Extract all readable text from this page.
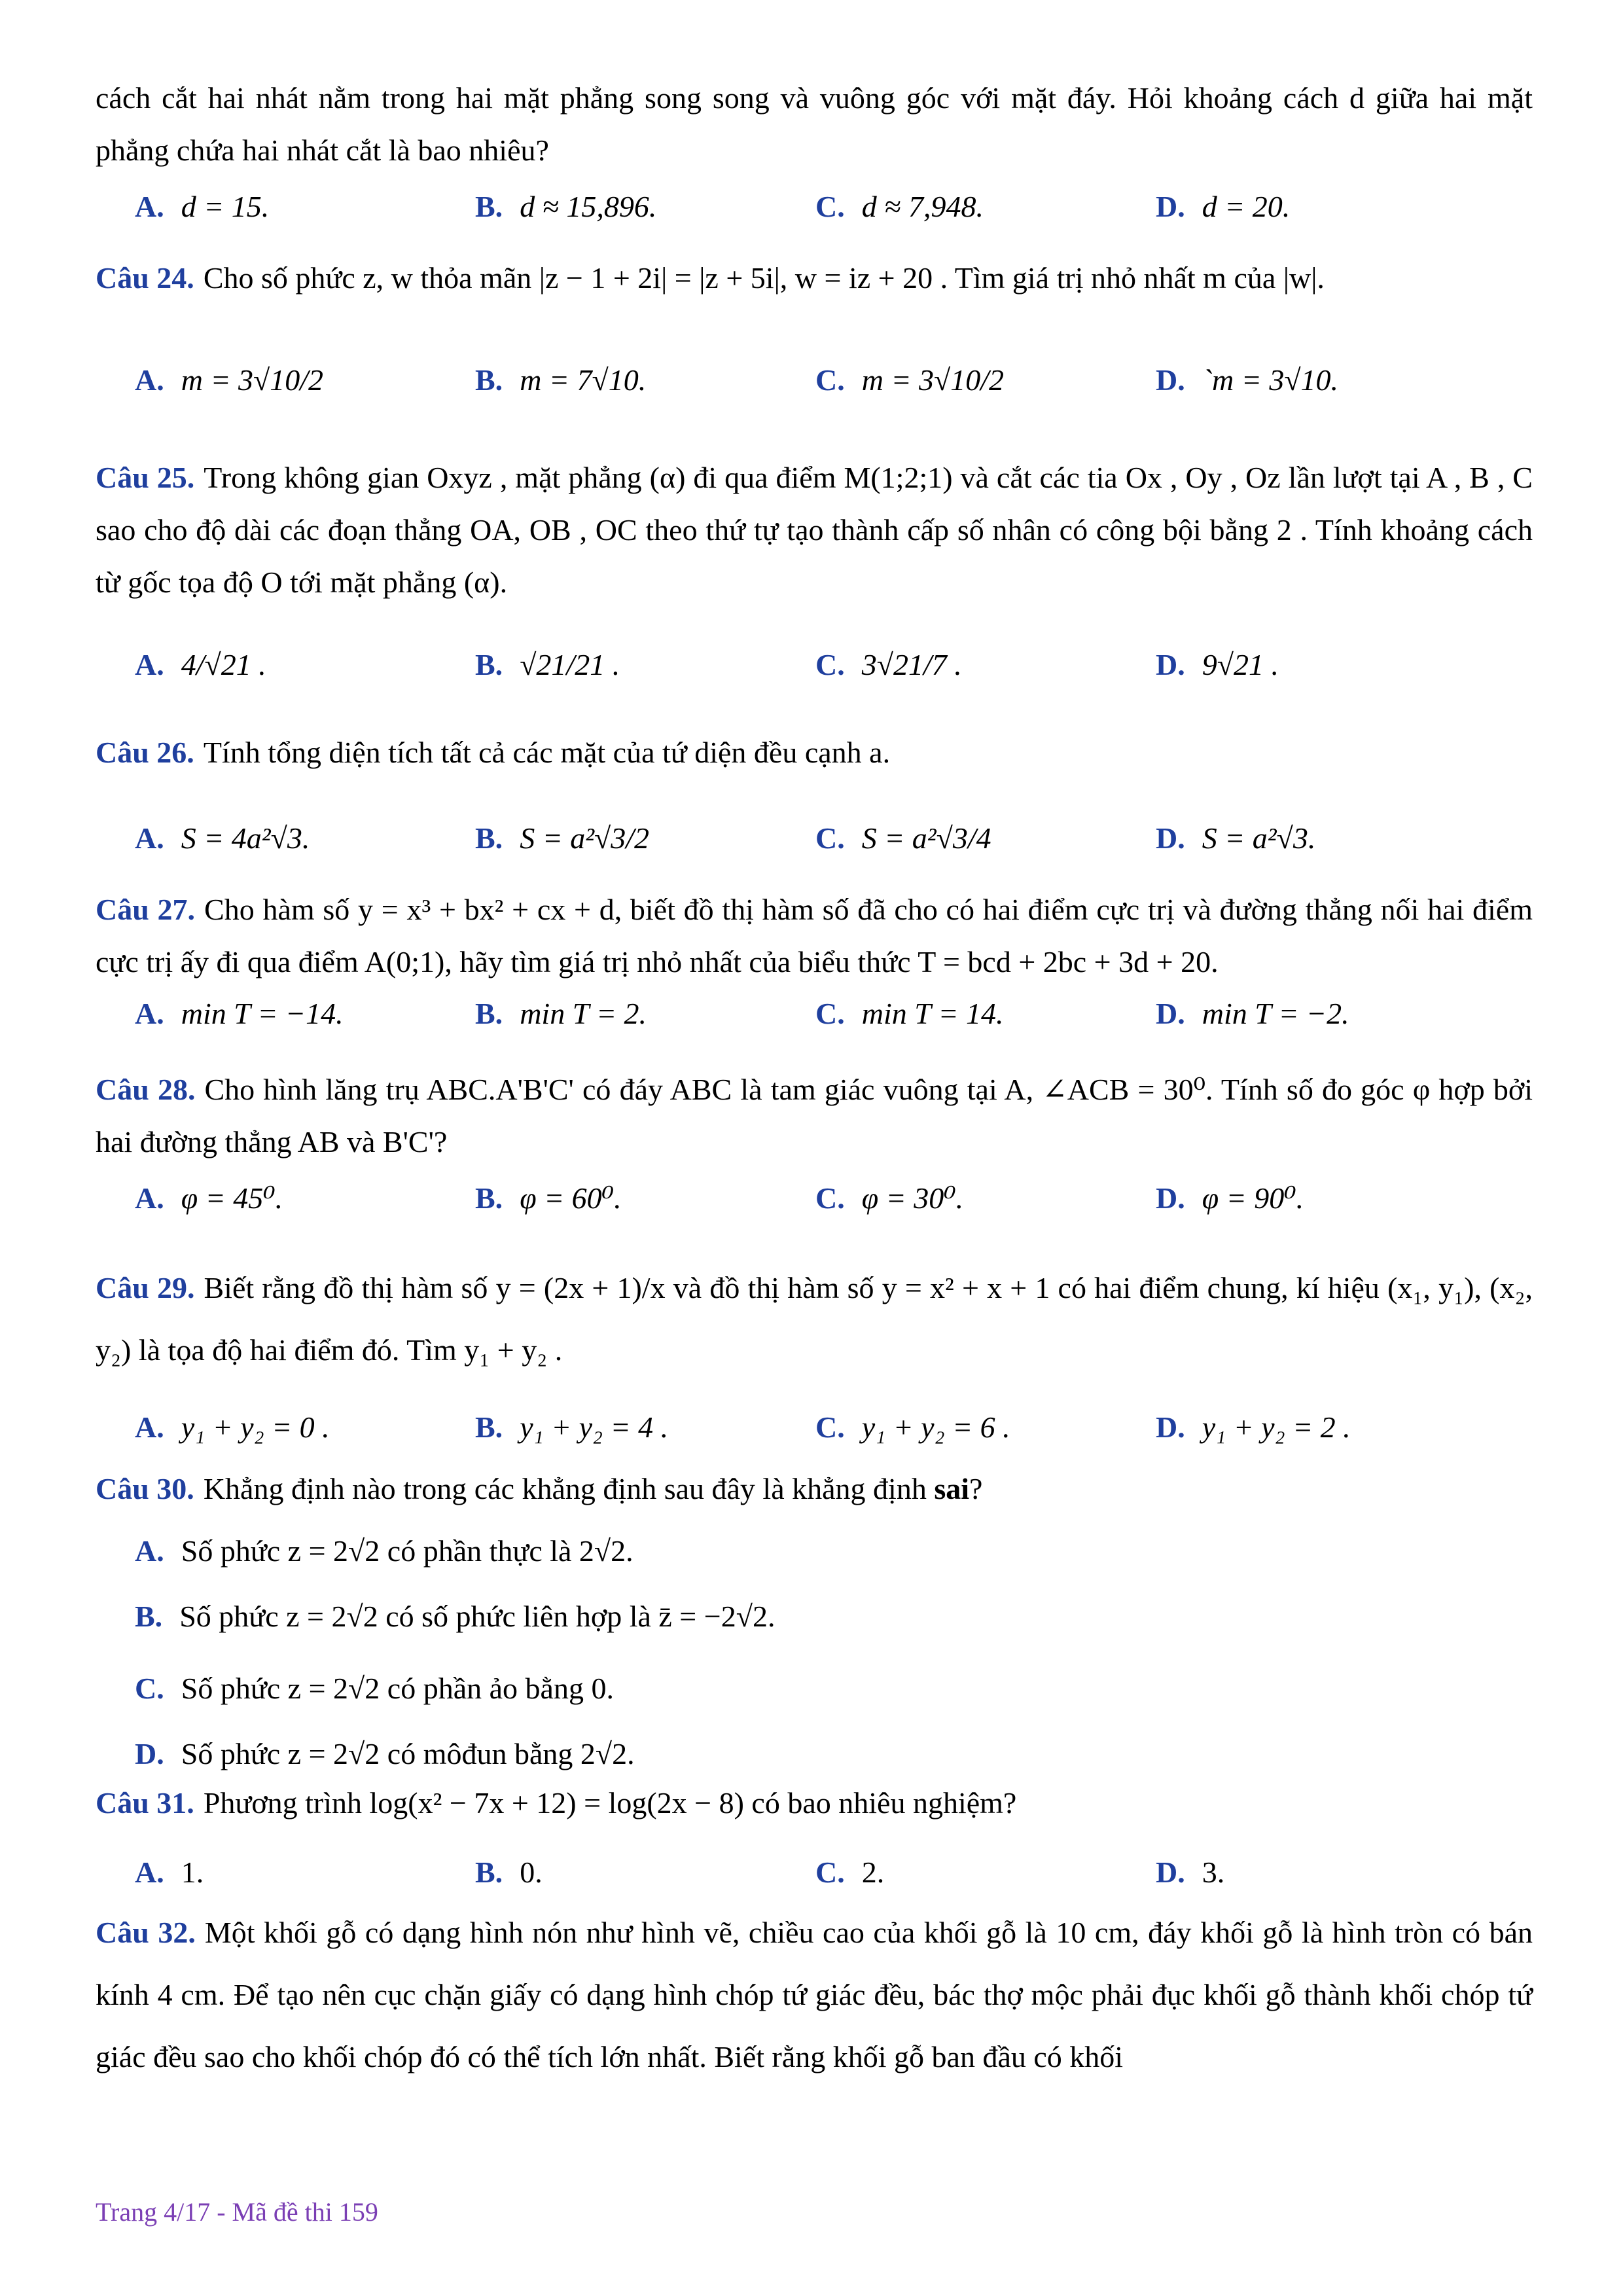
cách cắt hai nhát nằm trong hai mặt phẳng song song và vuông góc với mặt đáy. Hỏi khoảng cách d giữa hai mặt phẳng chứa hai nhát cắt là bao nhiêu?
A. d = 15.	B. d ≈ 15,896.	C. d ≈ 7,948.	D. d = 20.
Câu 24. Cho số phức z, w thỏa mãn |z − 1 + 2i| = |z + 5i|, w = iz + 20 . Tìm giá trị nhỏ nhất m của |w|.
A. m = 3√10/2	B. m = 7√10.	C. m = 3√10/2	D. `m = 3√10.
Câu 25. Trong không gian Oxyz , mặt phẳng (α) đi qua điểm M(1;2;1) và cắt các tia Ox , Oy , Oz lần lượt tại A , B , C sao cho độ dài các đoạn thẳng OA, OB , OC theo thứ tự tạo thành cấp số nhân có công bội bằng 2 . Tính khoảng cách từ gốc tọa độ O tới mặt phẳng (α).
A. 4/√21 .	B. √21/21 .	C. 3√21/7 .	D. 9√21 .
Câu 26. Tính tổng diện tích tất cả các mặt của tứ diện đều cạnh a.
A. S = 4a²√3.	B. S = a²√3/2	C. S = a²√3/4	D. S = a²√3.
Câu 27. Cho hàm số y = x³ + bx² + cx + d, biết đồ thị hàm số đã cho có hai điểm cực trị và đường thẳng nối hai điểm cực trị ấy đi qua điểm A(0;1), hãy tìm giá trị nhỏ nhất của biểu thức T = bcd + 2bc + 3d + 20.
A. min T = −14.	B. min T = 2.	C. min T = 14.	D. min T = −2.
Câu 28. Cho hình lăng trụ ABC.A'B'C' có đáy ABC là tam giác vuông tại A, ∠ACB = 30⁰. Tính số đo góc φ hợp bởi hai đường thẳng AB và B'C'?
A. φ = 45⁰.	B. φ = 60⁰.	C. φ = 30⁰.	D. φ = 90⁰.
Câu 29. Biết rằng đồ thị hàm số y = (2x + 1)/x và đồ thị hàm số y = x² + x + 1 có hai điểm chung, kí hiệu (x₁, y₁), (x₂, y₂) là tọa độ hai điểm đó. Tìm y₁ + y₂ .
A. y₁ + y₂ = 0 .	B. y₁ + y₂ = 4 .	C. y₁ + y₂ = 6 .	D. y₁ + y₂ = 2 .
Câu 30. Khẳng định nào trong các khẳng định sau đây là khẳng định sai?
A. Số phức z = 2√2 có phần thực là 2√2.
B. Số phức z = 2√2 có số phức liên hợp là z̄ = −2√2.
C. Số phức z = 2√2 có phần ảo bằng 0.
D. Số phức z = 2√2 có môđun bằng 2√2.
Câu 31. Phương trình log(x² − 7x + 12) = log(2x − 8) có bao nhiêu nghiệm?
A. 1.	B. 0.	C. 2.	D. 3.
Câu 32. Một khối gỗ có dạng hình nón như hình vẽ, chiều cao của khối gỗ là 10 cm, đáy khối gỗ là hình tròn có bán kính 4 cm. Để tạo nên cục chặn giấy có dạng hình chóp tứ giác đều, bác thợ mộc phải đục khối gỗ thành khối chóp tứ giác đều sao cho khối chóp đó có thể tích lớn nhất. Biết rằng khối gỗ ban đầu có khối
Trang 4/17 - Mã đề thi 159
